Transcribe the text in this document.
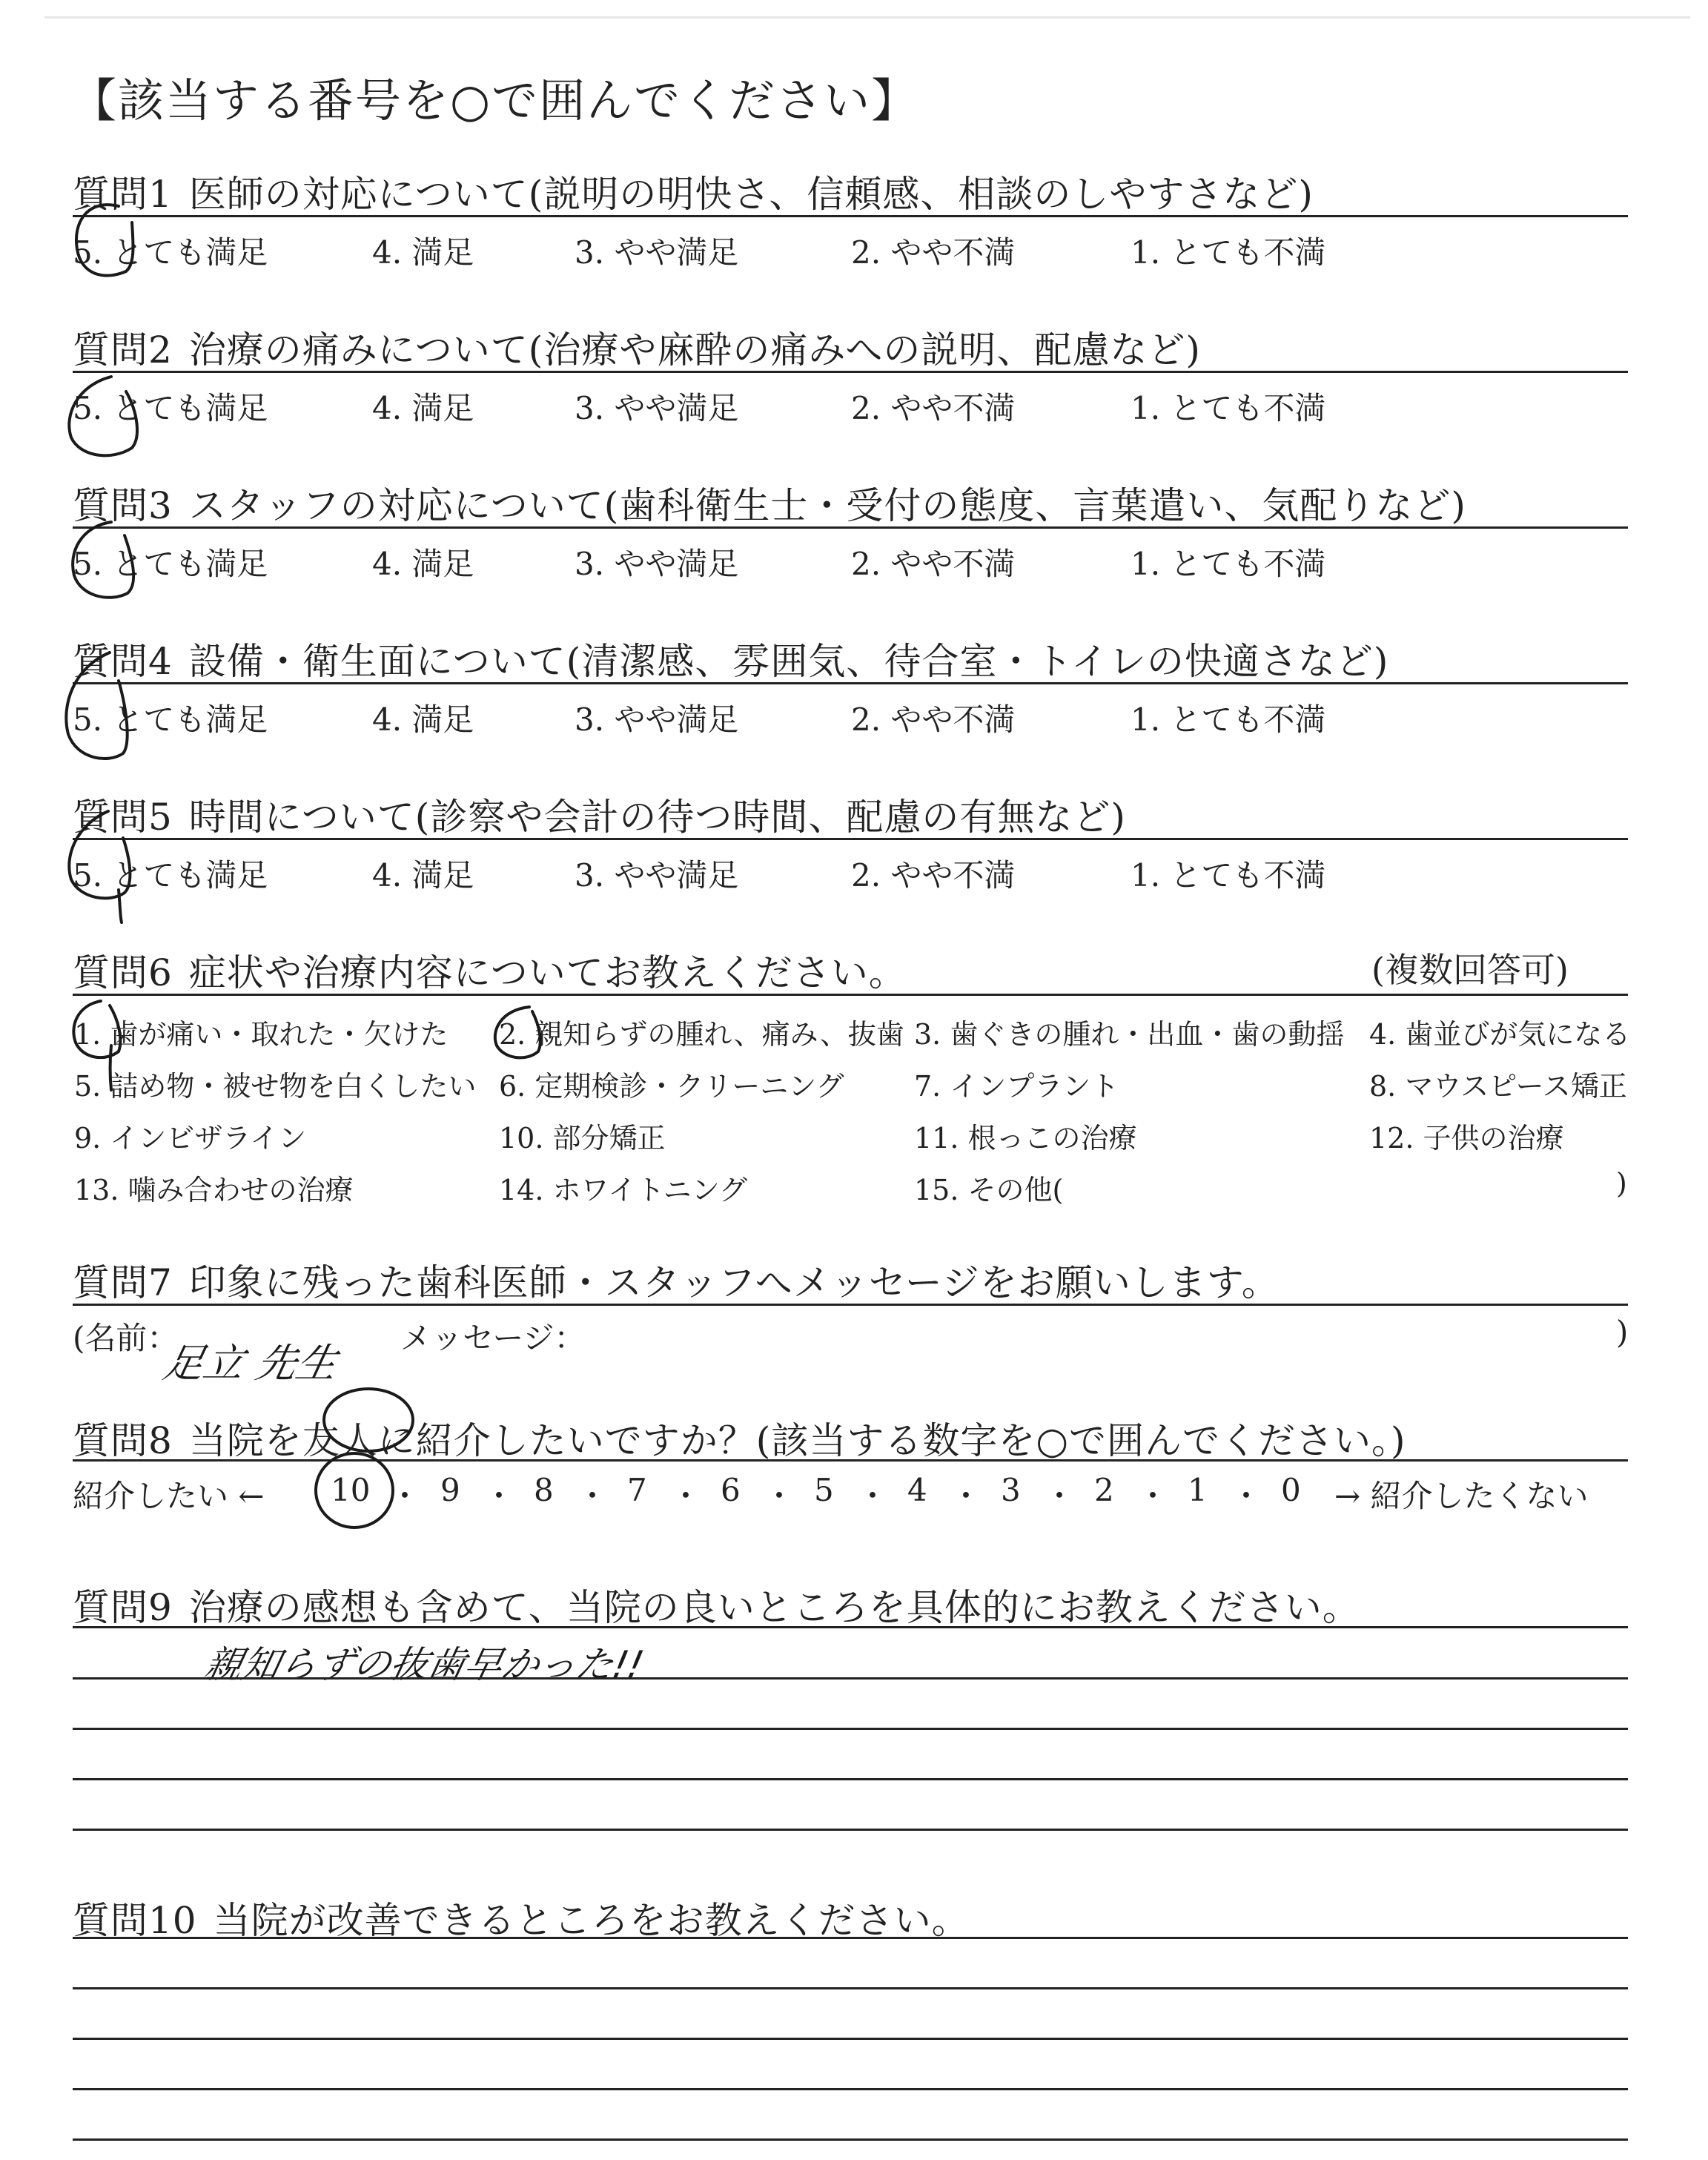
【該当する番号を○で囲んでください】
質問1 医師の対応について(説明の明快さ、信頼感、相談のしやすさなど)
5. とても満足	4. 満足	3. やや満足	2. やや不満	1. とても不満
質問2 治療の痛みについて(治療や麻酔の痛みへの説明、配慮など)
5. とても満足	4. 満足	3. やや満足	2. やや不満	1. とても不満
質問3 スタッフの対応について(歯科衛生士・受付の態度、言葉遣い、気配りなど)
5. とても満足	4. 満足	3. やや満足	2. やや不満	1. とても不満
質問4 設備・衛生面について(清潔感、雰囲気、待合室・トイレの快適さなど)
5. とても満足	4. 満足	3. やや満足	2. やや不満	1. とても不満
質問5 時間について(診察や会計の待つ時間、配慮の有無など)
5. とても満足	4. 満足	3. やや満足	2. やや不満	1. とても不満
質問6 症状や治療内容についてお教えください。	(複数回答可)
1. 歯が痛い・取れた・欠けた 2. 親知らずの腫れ、痛み、抜歯 3. 歯ぐきの腫れ・出血・歯の動揺 4. 歯並びが気になる
5. 詰め物・被せ物を白くしたい 6. 定期検診・クリーニング 7. インプラント	8. マウスピース矯正
9. インビザライン	10. 部分矯正	11. 根っこの治療	12. 子供の治療
13. 噛み合わせの治療	14. ホワイトニング	15. その他(	)
質問7 印象に残った歯科医師・スタッフへメッセージをお願いします。
(名前：
足立 先生
メッセージ：	)
質問8 当院を友人に紹介したいですか？(該当する数字を○で囲んでください。)
紹介したい ← 10 ・ 9 ・ 8 ・ 7 ・ 6 ・ 5 ・ 4 ・ 3 ・ 2 ・ 1 ・ 0 → 紹介したくない
質問9 治療の感想も含めて、当院の良いところを具体的にお教えください。
親知らずの抜歯早かった!!
質問10 当院が改善できるところをお教えください。
